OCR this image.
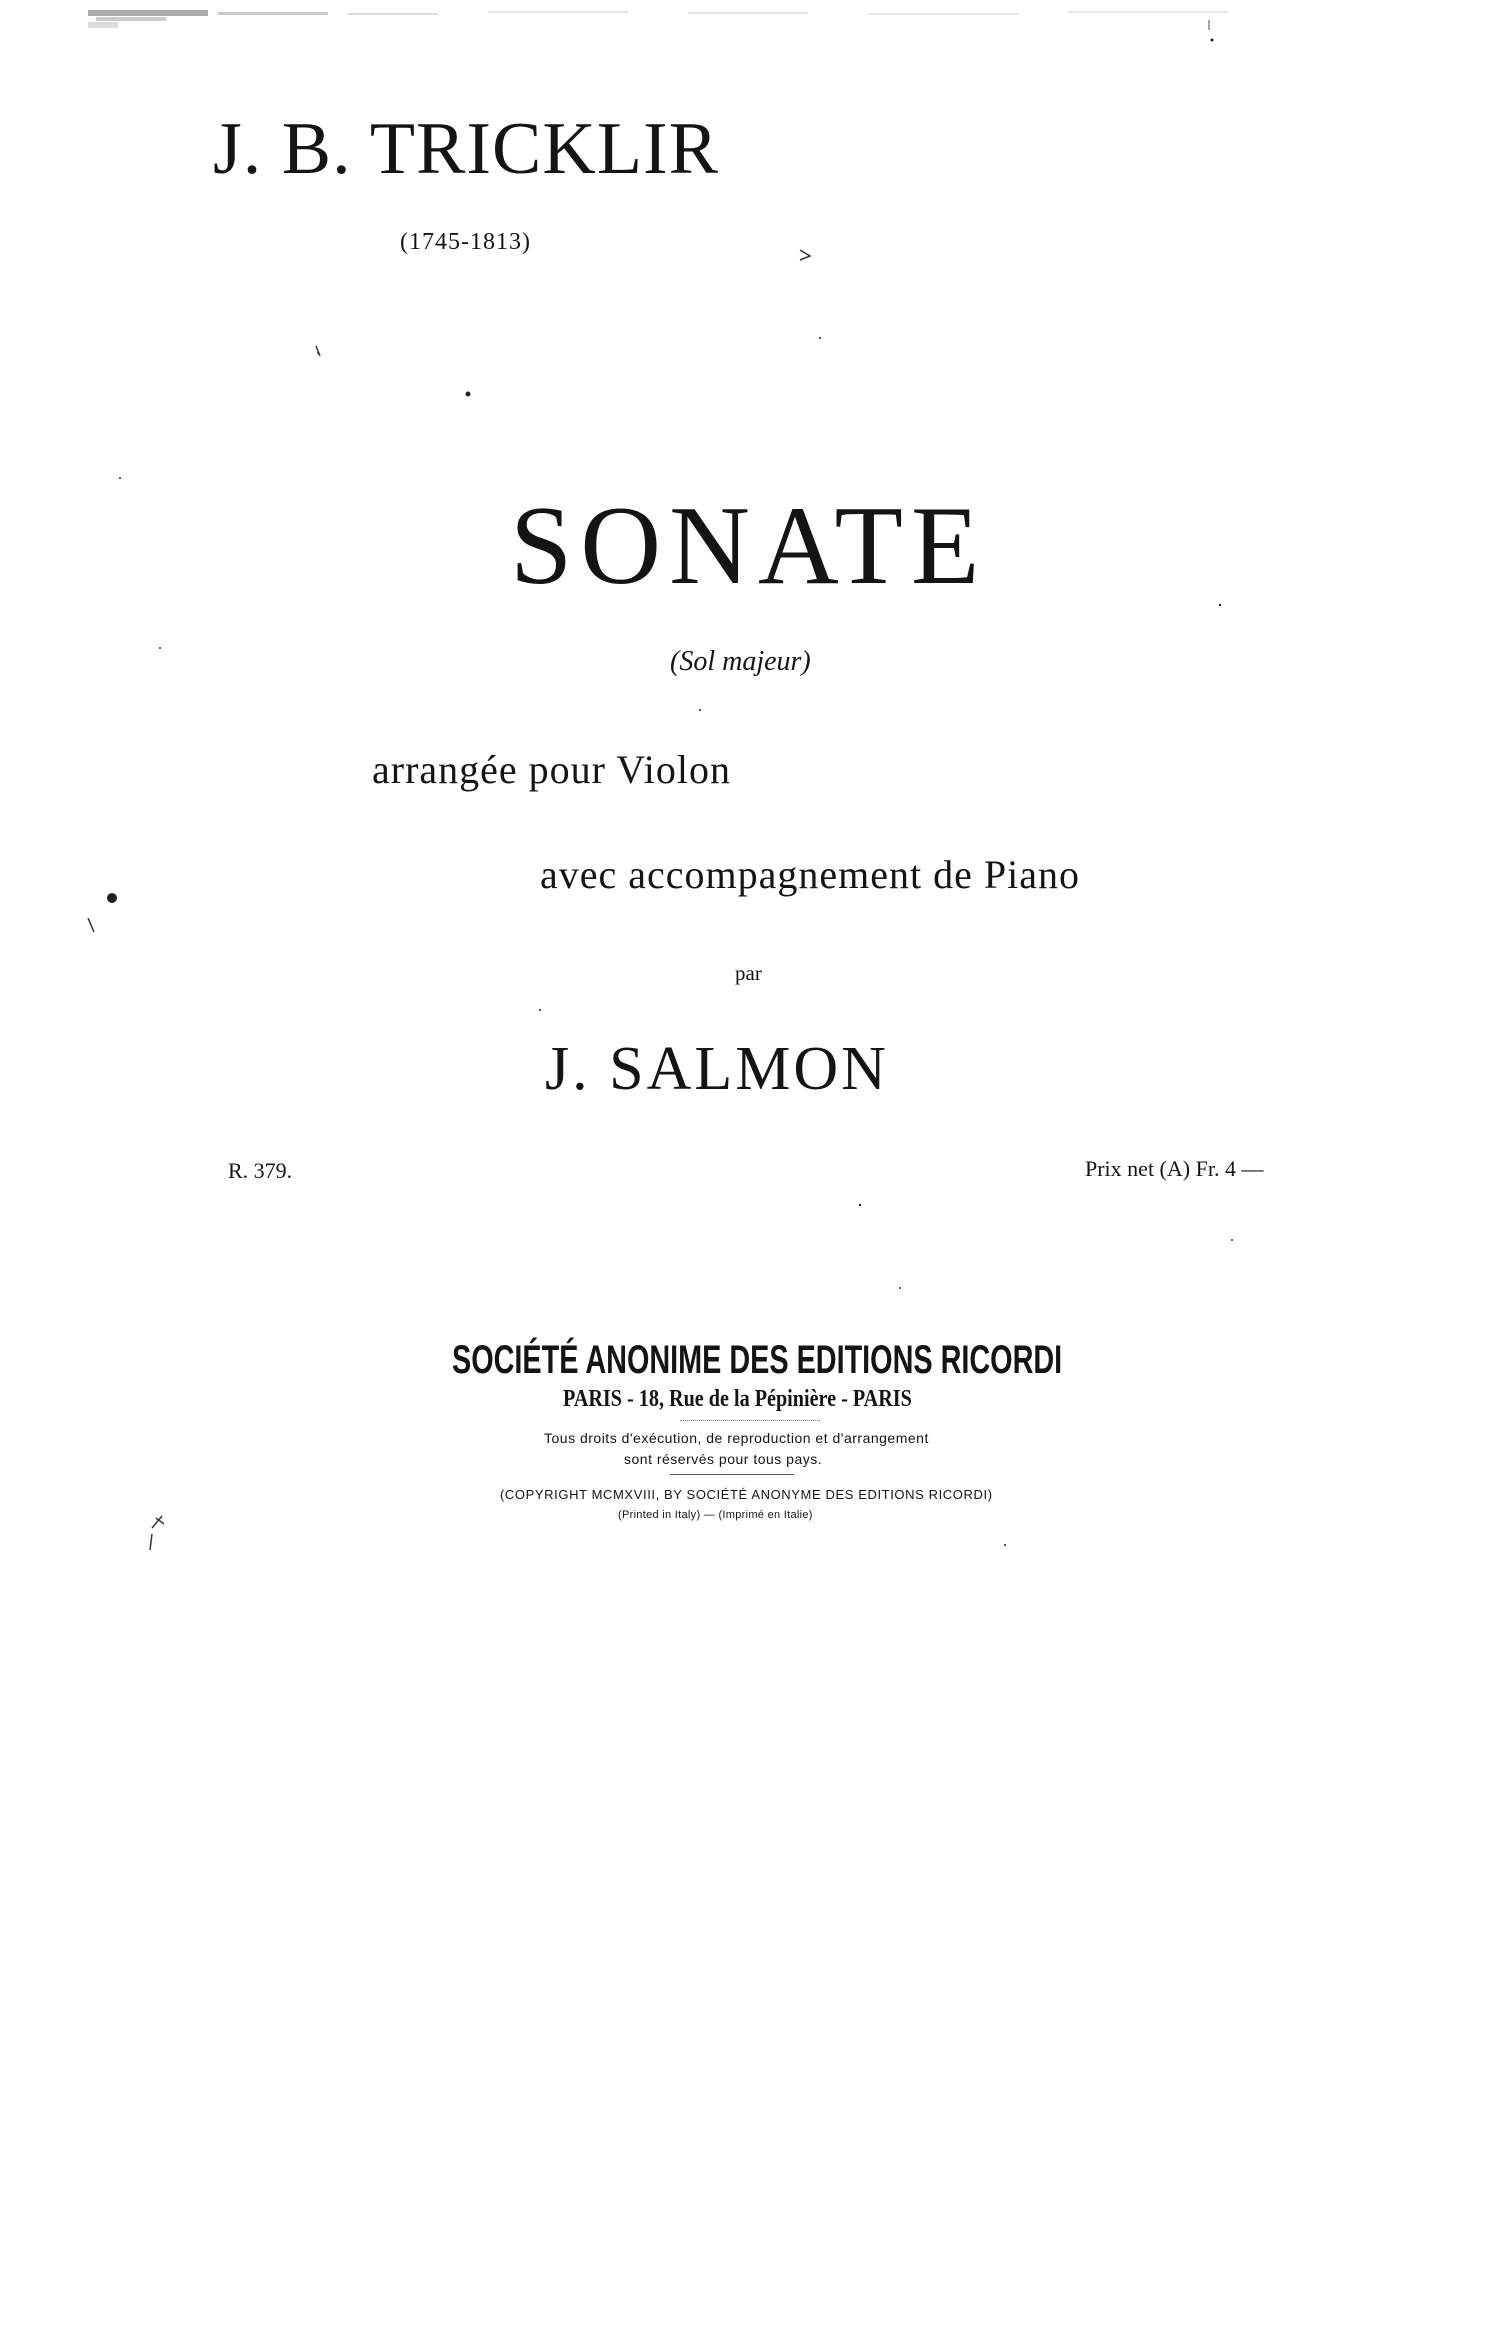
J. B. TRICKLIR
(1745-1813)
SONATE
(Sol majeur)
arrangée pour Violon
avec accompagnement de Piano
par
J. SALMON
R. 379.	Prix net (A) Fr. 4 —
SOCIÉTÉ ANONIME DES EDITIONS RICORDI
PARIS - 18, Rue de la Pépinière - PARIS
Tous droits d'exécution, de reproduction et d'arrangement
sont réservés pour tous pays.
(COPYRIGHT MCMXVIII, BY SOCIÉTÉ ANONYME DES EDITIONS RICORDI)
(Printed in Italy) — (Imprimé en Italie)
